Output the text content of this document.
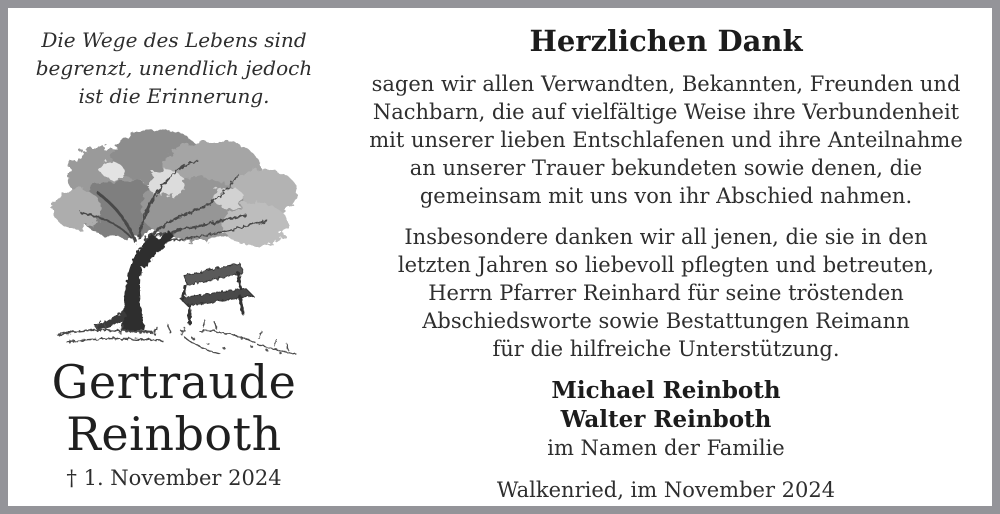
Die Wege des Lebens sind
begrenzt, unendlich jedoch
ist die Erinnerung.
Gertraude
Reinboth
† 1. November 2024
Herzlichen Dank
sagen wir allen Verwandten, Bekannten, Freunden und
Nachbarn, die auf vielfältige Weise ihre Verbundenheit
mit unserer lieben Entschlafenen und ihre Anteilnahme
an unserer Trauer bekundeten sowie denen, die
gemeinsam mit uns von ihr Abschied nahmen.
Insbesondere danken wir all jenen, die sie in den
letzten Jahren so liebevoll pflegten und betreuten,
Herrn Pfarrer Reinhard für seine tröstenden
Abschiedsworte sowie Bestattungen Reimann
für die hilfreiche Unterstützung.
Michael Reinboth
Walter Reinboth
im Namen der Familie
Walkenried, im November 2024
